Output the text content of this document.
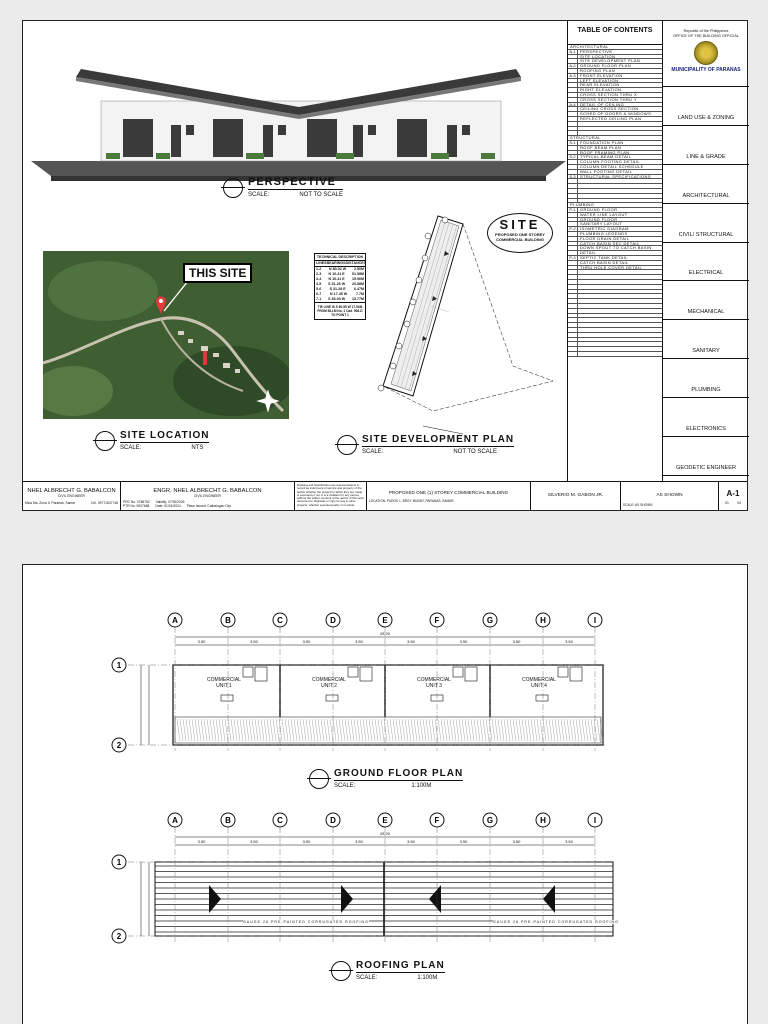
PERSPECTIVE
SCALE:	NOT TO SCALE
THIS SITE
SITE LOCATION
SCALE:	NTS
TECHNICAL DESCRIPTION
LINES BEARINGS DISTANCES
1-2 N 80-02 W 2.50M
2-3 N 10-41 E 51.58M
3-4 N 10-41 E 15.96M
4-5 S 31-26 W 20.88M
5-6 S 31-28 E 6.47M
6-7 N 17-45 W 7.7M
7-1 S 39-03 W 13.77M
TIE LINE IS S 80-55 W 17.54M FROM BLLM No. 1 Cad. 906-D TO POINT 1
SITE
PROPOSED ONE STOREY COMMERCIAL BUILDING
SITE DEVELOPMENT PLAN
SCALE:	NOT TO SCALE
TABLE OF CONTENTS
ARCHITECTURAL
A-1	PERSPECTIVE
SITE LOCATION
SITE DEVELOPMENT PLAN
A-2	GROUND FLOOR PLAN
ROOFING PLAN
A-3	FRONT ELEVATION
LEFT ELEVATION
REAR ELEVATION
RIGHT ELEVATION
CROSS SECTION THRU X
CROSS SECTION THRU Y
A-4	DETAIL OF CEILING
CEILING CROSS SECTION
SCHED OF DOORS & WINDOWS
REFLECTED CEILING PLAN
STRUCTURAL
S-1	FOUNDATION PLAN
ROOF BEAM PLAN
ROOF FRAMING PLAN
S-2	TYPICAL BEAM DETAIL
COLUMN FOOTING DETAIL
COLUMN DETAIL SCHEDULE
WALL FOOTING DETAIL
S-3	STRUCTURAL SPECIFICATIONS
PLUMBING
P-1	GROUND FLOOR
WATER LINE LAYOUT
GROUND FLOOR
SANITARY LAYOUT
P-2	ISOMETRIC DIAGRAM
PLUMBING LEGENDS
FLOOR DRAIN DETAIL
CATCH BASIN SEC DETAIL
DOWN SPOUT TO CATCH BASIN
DETAIL
P-3	SEPTIC TANK DETAIL
CATCH BASIN DETAIL
THRU HOLE COVER DETAIL
Republic of the Philippines
OFFICE OF THE BUILDING OFFICIAL
MUNICIPALITY OF PARANAS
LAND USE & ZONING
LINE & GRADE
ARCHITECTURAL
CIVIL/ STRUCTURAL
ELECTRICAL
MECHANICAL
SANITARY
PLUMBING
ELECTRONICS
GEODETIC ENGINEER
NHEL ALBRECHT G. BABALCON
CIVIL ENGINEER
Mica Ma. Zona II, Paranas, Samar	Cel. 09771847748
ENGR. NHEL ALBRECHT G. BABALCON
CIVIL ENGINEER
PRC No. 0786752 Validity: 07/30/2026
PTR No. 9007668 Date: 01/24/2024 Place Issued: Catbalogan City
Drawing and Specification are representations in record as instrument of service and property of the author whether the project for which they are made is executed or not. It is a violation for any person, without the written consent of the author of this work document to duplicate or copy for use in other projects, whether executed partly or in whole.
PROPOSED ONE (1) STOREY COMMERCIAL BUILDING
LOCATION: PUROK 1, BRGY. BUNDY, PARANAS, SAMAR
SILVERIO M. GABON JR.	AS SHOWN
SCALE: AS SHOWN
A-1
01 04
A	B	C	D	E	F	G	H	I
1
2
A	B	C	D	E	F	G	H	I
1
2
28.00
3.50	3.50	3.50	3.50	3.50	3.50	3.50	3.50
28.00
3.50	3.50	3.50	3.50	3.50	3.50	3.50	3.50
COMMERCIAL UNIT 1
COMMERCIAL UNIT 2
COMMERCIAL UNIT 3
COMMERCIAL UNIT 4
GAUGE 26 PRE-PAINTED CORRUGATED ROOFING	GAUGE 26 PRE-PAINTED CORRUGATED ROOFING
GROUND FLOOR PLAN
SCALE:	1:100M
ROOFING PLAN
SCALE:	1:100M
